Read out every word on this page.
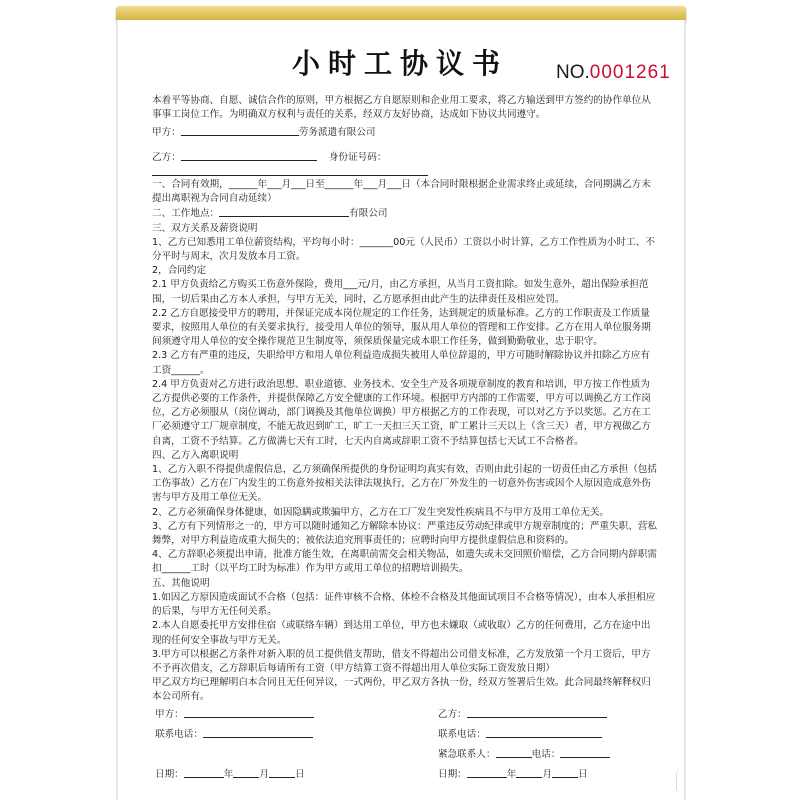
小时工协议书	NO.0001261

本着平等协商、自愿、诚信合作的原则，甲方根据乙方自愿原则和企业用工要求，将乙方输送到甲方签约的协作单位从事事工岗位工作。为明确双方权利与责任的关系，经双方友好协商，达成如下协议共同遵守。

甲方：	劳务派遣有限公司
乙方：	身份证号码：

一、合同有效期，______年___月___日至______年___月___日（本合同时限根据企业需求终止或延续，合同期满乙方未提出离职视为合同自动延续）

二、工作地点：	有限公司

三、双方关系及薪资说明

1、乙方已知悉用工单位薪资结构，平均每小时：_______00元（人民币）工资以小时计算，乙方工作性质为小时工、不分平时与周末，次月发放本月工资。

2，合同约定

2.1 甲方负责给乙方购买工伤意外保险，费用___元/月，由乙方承担，从当月工资扣除。如发生意外，超出保险承担范围，一切后果由乙方本人承担，与甲方无关，同时，乙方愿承担由此产生的法律责任及相应处罚。

2.2 乙方自愿接受甲方的聘用，并保证完成本岗位规定的工作任务，达到规定的质量标准。乙方的工作职责及工作质量要求，按照用人单位的有关要求执行，接受用人单位的领导，服从用人单位的管理和工作安排。乙方在用人单位服务期间须遵守用人单位的安全操作规范卫生制度等，须保质保量完成本职工作任务，做到勤勤敬业，忠于职守。

2.3 乙方有严重的违反，失职给甲方和用人单位利益造成损失被用人单位辞退的，甲方可随时解除协议并扣除乙方应有工资______。

2.4 甲方负责对乙方进行政治思想、职业道德、业务技术、安全生产及各项规章制度的教育和培训，甲方按工作性质为乙方提供必要的工作条件，并提供保障乙方安全健康的工作环境。根据甲方内部的工作需要，甲方可以调换乙方工作岗位，乙方必须服从（岗位调动，部门调换及其他单位调换）甲方根据乙方的工作表现，可以对乙方予以奖惩。乙方在工厂必须遵守工厂规章制度，不能无故迟到旷工，旷工一天扣三天工资，旷工累计三天以上（含三天）者，甲方视做乙方自离，工资不予结算。乙方做满七天有工时，七天内自离或辞职工资不予结算包括七天试工不合格者。

四、乙方入离职说明

1、乙方入职不得提供虚假信息，乙方须确保所提供的身份证明均真实有效，否则由此引起的一切责任由乙方承担（包括工伤事故）乙方在厂内发生的工伤意外按相关法律法规执行，乙方在厂外发生的一切意外伤害或因个人原因造成意外伤害与甲方及用工单位无关。

2、乙方必须确保身体健康，如因隐瞒或欺骗甲方，乙方在工厂发生突发性疾病具不与甲方及用工单位无关。

3、乙方有下列情形之一的，甲方可以随时通知乙方解除本协议：严重违反劳动纪律或甲方规章制度的；严重失职、营私舞弊，对甲方利益造成重大损失的；被依法追究刑事责任的；应聘时向甲方提供虚假信息和资料的。

4、乙方辞职必须提出申请，批准方能生效，在离职前需交会相关物品，如遗失或未交回照价赔偿，乙方合同期内辞职需扣______工时（以平均工时为标准）作为甲方或用工单位的招聘培训损失。

五、其他说明

1.如因乙方原因造成面试不合格（包括：证件审核不合格、体检不合格及其他面试项目不合格等情况），由本人承担相应的后果，与甲方无任何关系。

2.本人自愿委托甲方安排住宿（或联络车辆）到达用工单位，甲方也未嫌取（或收取）乙方的任何费用，乙方在途中出现的任何安全事故与甲方无关。

3.甲方可以根据乙方条件对新入职的员工提供借支帮助，借支不得超出公司借支标准，乙方发放第一个月工资后，甲方不予再次借支，乙方辞职后每请所有工资（甲方结算工资不得超出用人单位实际工资发放日期）

甲乙双方均已理解明白本合同且无任何异议，一式两份，甲乙双方各执一份，经双方签署后生效。此合同最终解释权归本公司所有。

甲方：
联系电话：
日期：	年	月	日
乙方：
联系电话：
紧急联系人：	电话：
日期：	年	月	日
